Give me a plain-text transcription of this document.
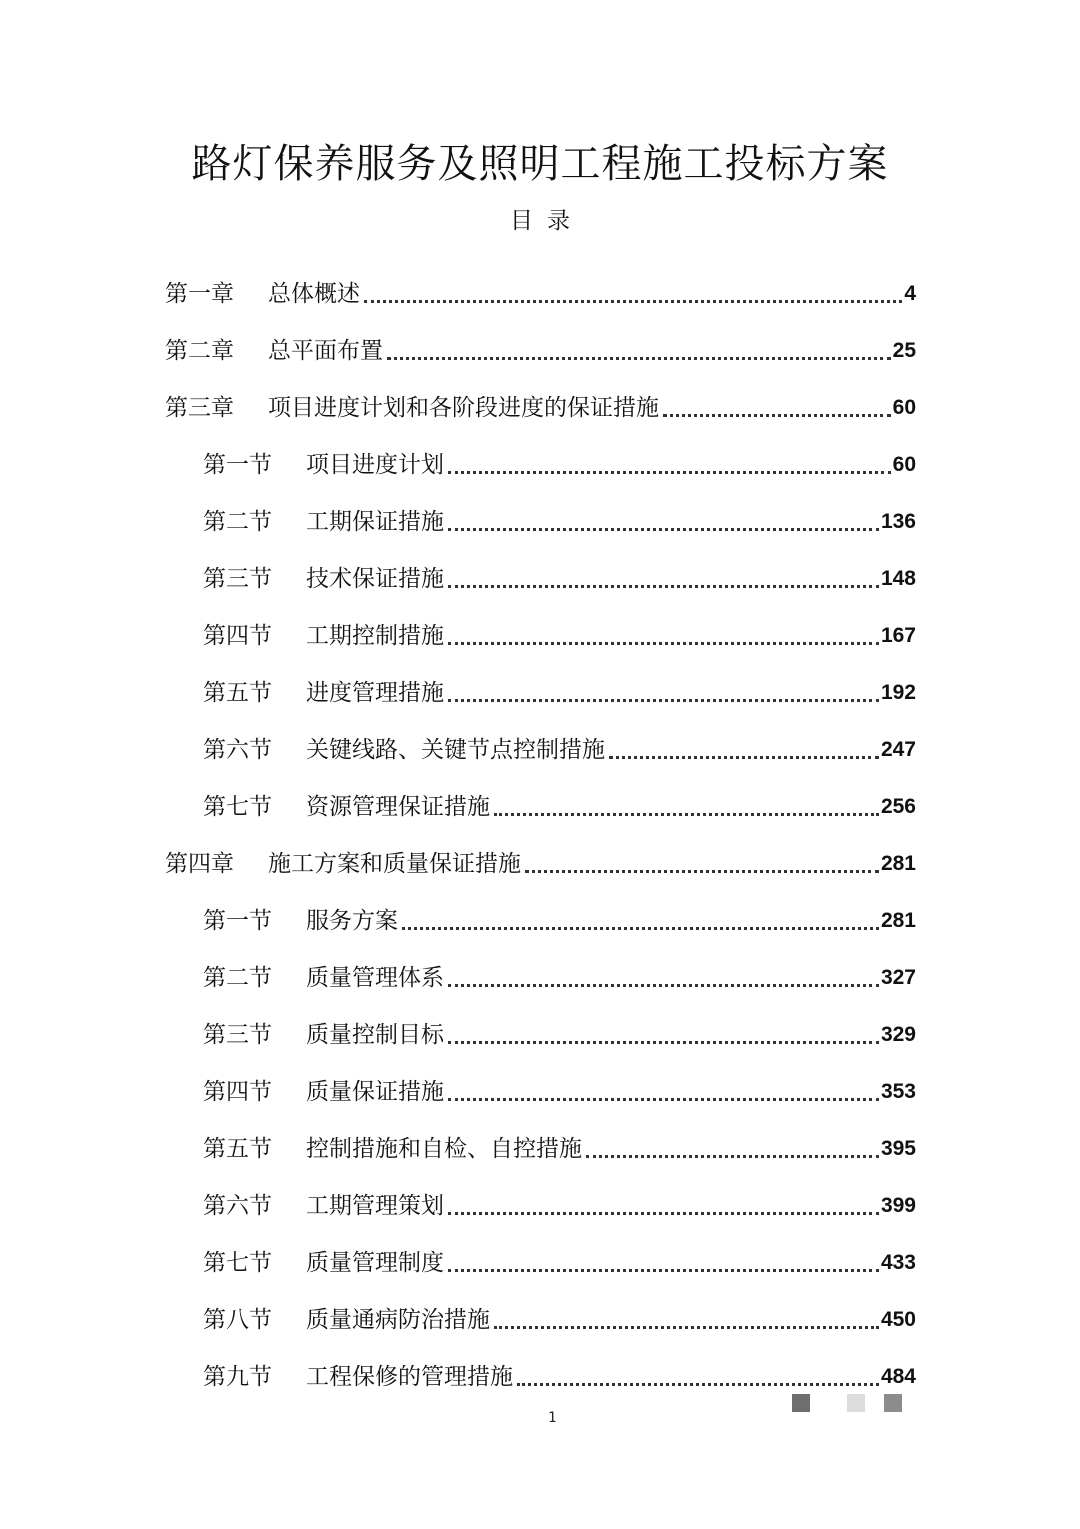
路灯保养服务及照明工程施工投标方案
目录
第一章	总体概述	4
第二章	总平面布置	25
第三章	项目进度计划和各阶段进度的保证措施	60
第一节	项目进度计划	60
第二节	工期保证措施	136
第三节	技术保证措施	148
第四节	工期控制措施	167
第五节	进度管理措施	192
第六节	关键线路、关键节点控制措施	247
第七节	资源管理保证措施	256
第四章	施工方案和质量保证措施	281
第一节	服务方案	281
第二节	质量管理体系	327
第三节	质量控制目标	329
第四节	质量保证措施	353
第五节	控制措施和自检、自控措施	395
第六节	工期管理策划	399
第七节	质量管理制度	433
第八节	质量通病防治措施	450
第九节	工程保修的管理措施	484
1
